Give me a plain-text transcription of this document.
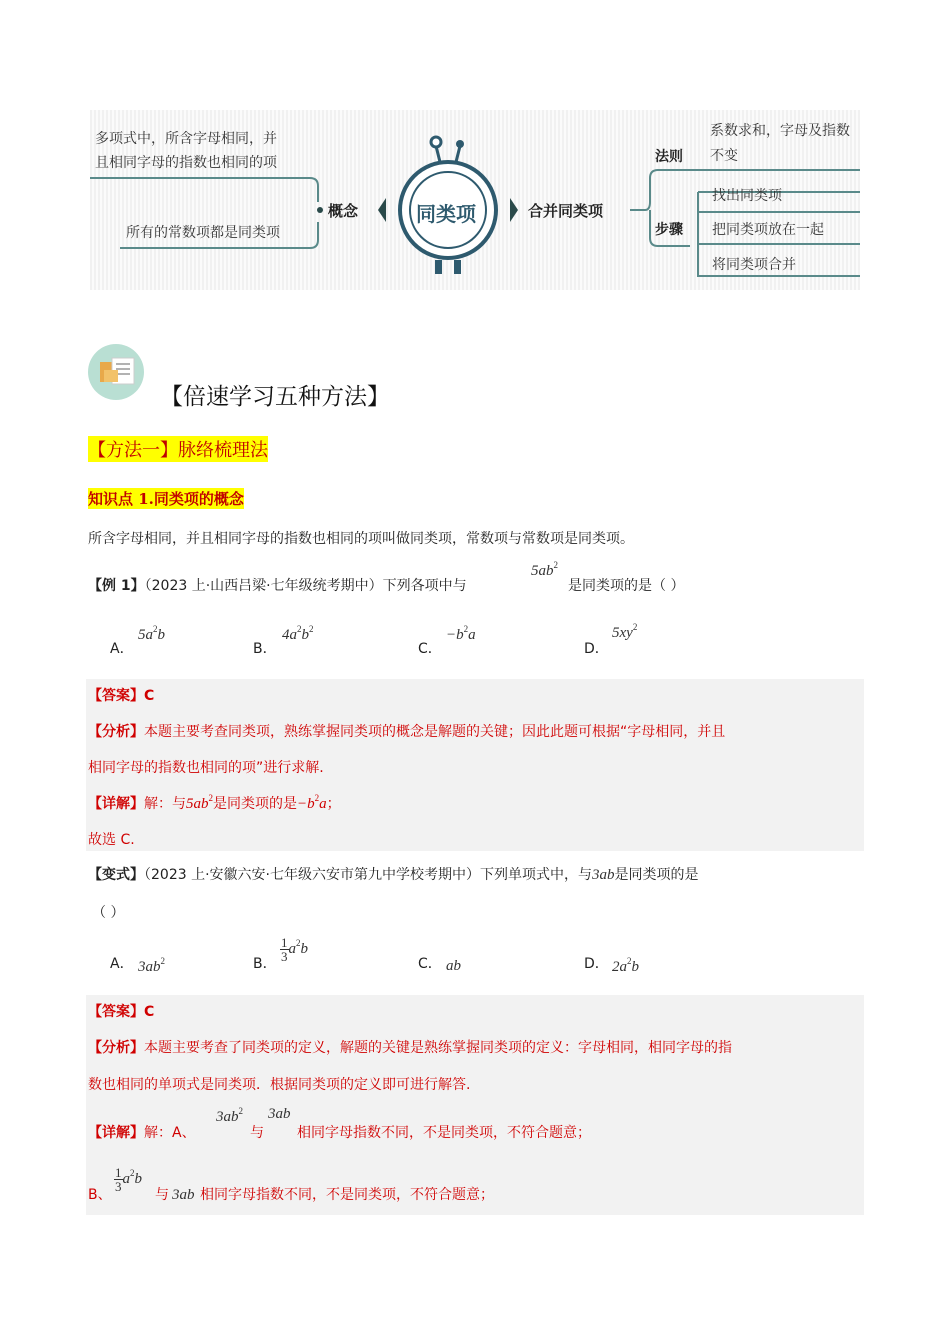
多项式中，所含字母相同，并
且相同字母的指数也相同的项
所有的常数项都是同类项
概念	同类项	合并同类项
法则
系数求和，字母及指数
不变
步骤
找出同类项
把同类项放在一起
将同类项合并
【倍速学习五种方法】
【方法一】脉络梳理法
知识点 1.同类项的概念
所含字母相同，并且相同字母的指数也相同的项叫做同类项，常数项与常数项是同类项。
【例 1】（2023 上·山西吕梁·七年级统考期中）下列各项中与
$5ab^2$
是同类项的是（ ）
A．
$5a^2b$
B．
$4a^2b^2$
C．
$-b^2a$
D．
$5xy^2$
【答案】C
【分析】本题主要考查同类项，熟练掌握同类项的概念是解题的关键；因此此题可根据“字母相同，并且
相同字母的指数也相同的项”进行求解.
【详解】解：与$5ab^2$是同类项的是$-b^2a$；
故选 C.
【变式】（2023 上·安徽六安·七年级六安市第九中学校考期中）下列单项式中，与3ab是同类项的是
（ ）
A． $3ab^2$	B．
$\frac{1}{3} a^2b$
C． ab	D． $2a^2b$
【答案】C
【分析】本题主要考查了同类项的定义，解题的关键是熟练掌握同类项的定义：字母相同，相同字母的指
数也相同的单项式是同类项．根据同类项的定义即可进行解答.
【详解】解：A、
$3ab^2$
与
3ab
相同字母指数不同，不是同类项，不符合题意；
B、
$\frac{1}{3} a^2b$
与 3ab 相同字母指数不同，不是同类项，不符合题意；
